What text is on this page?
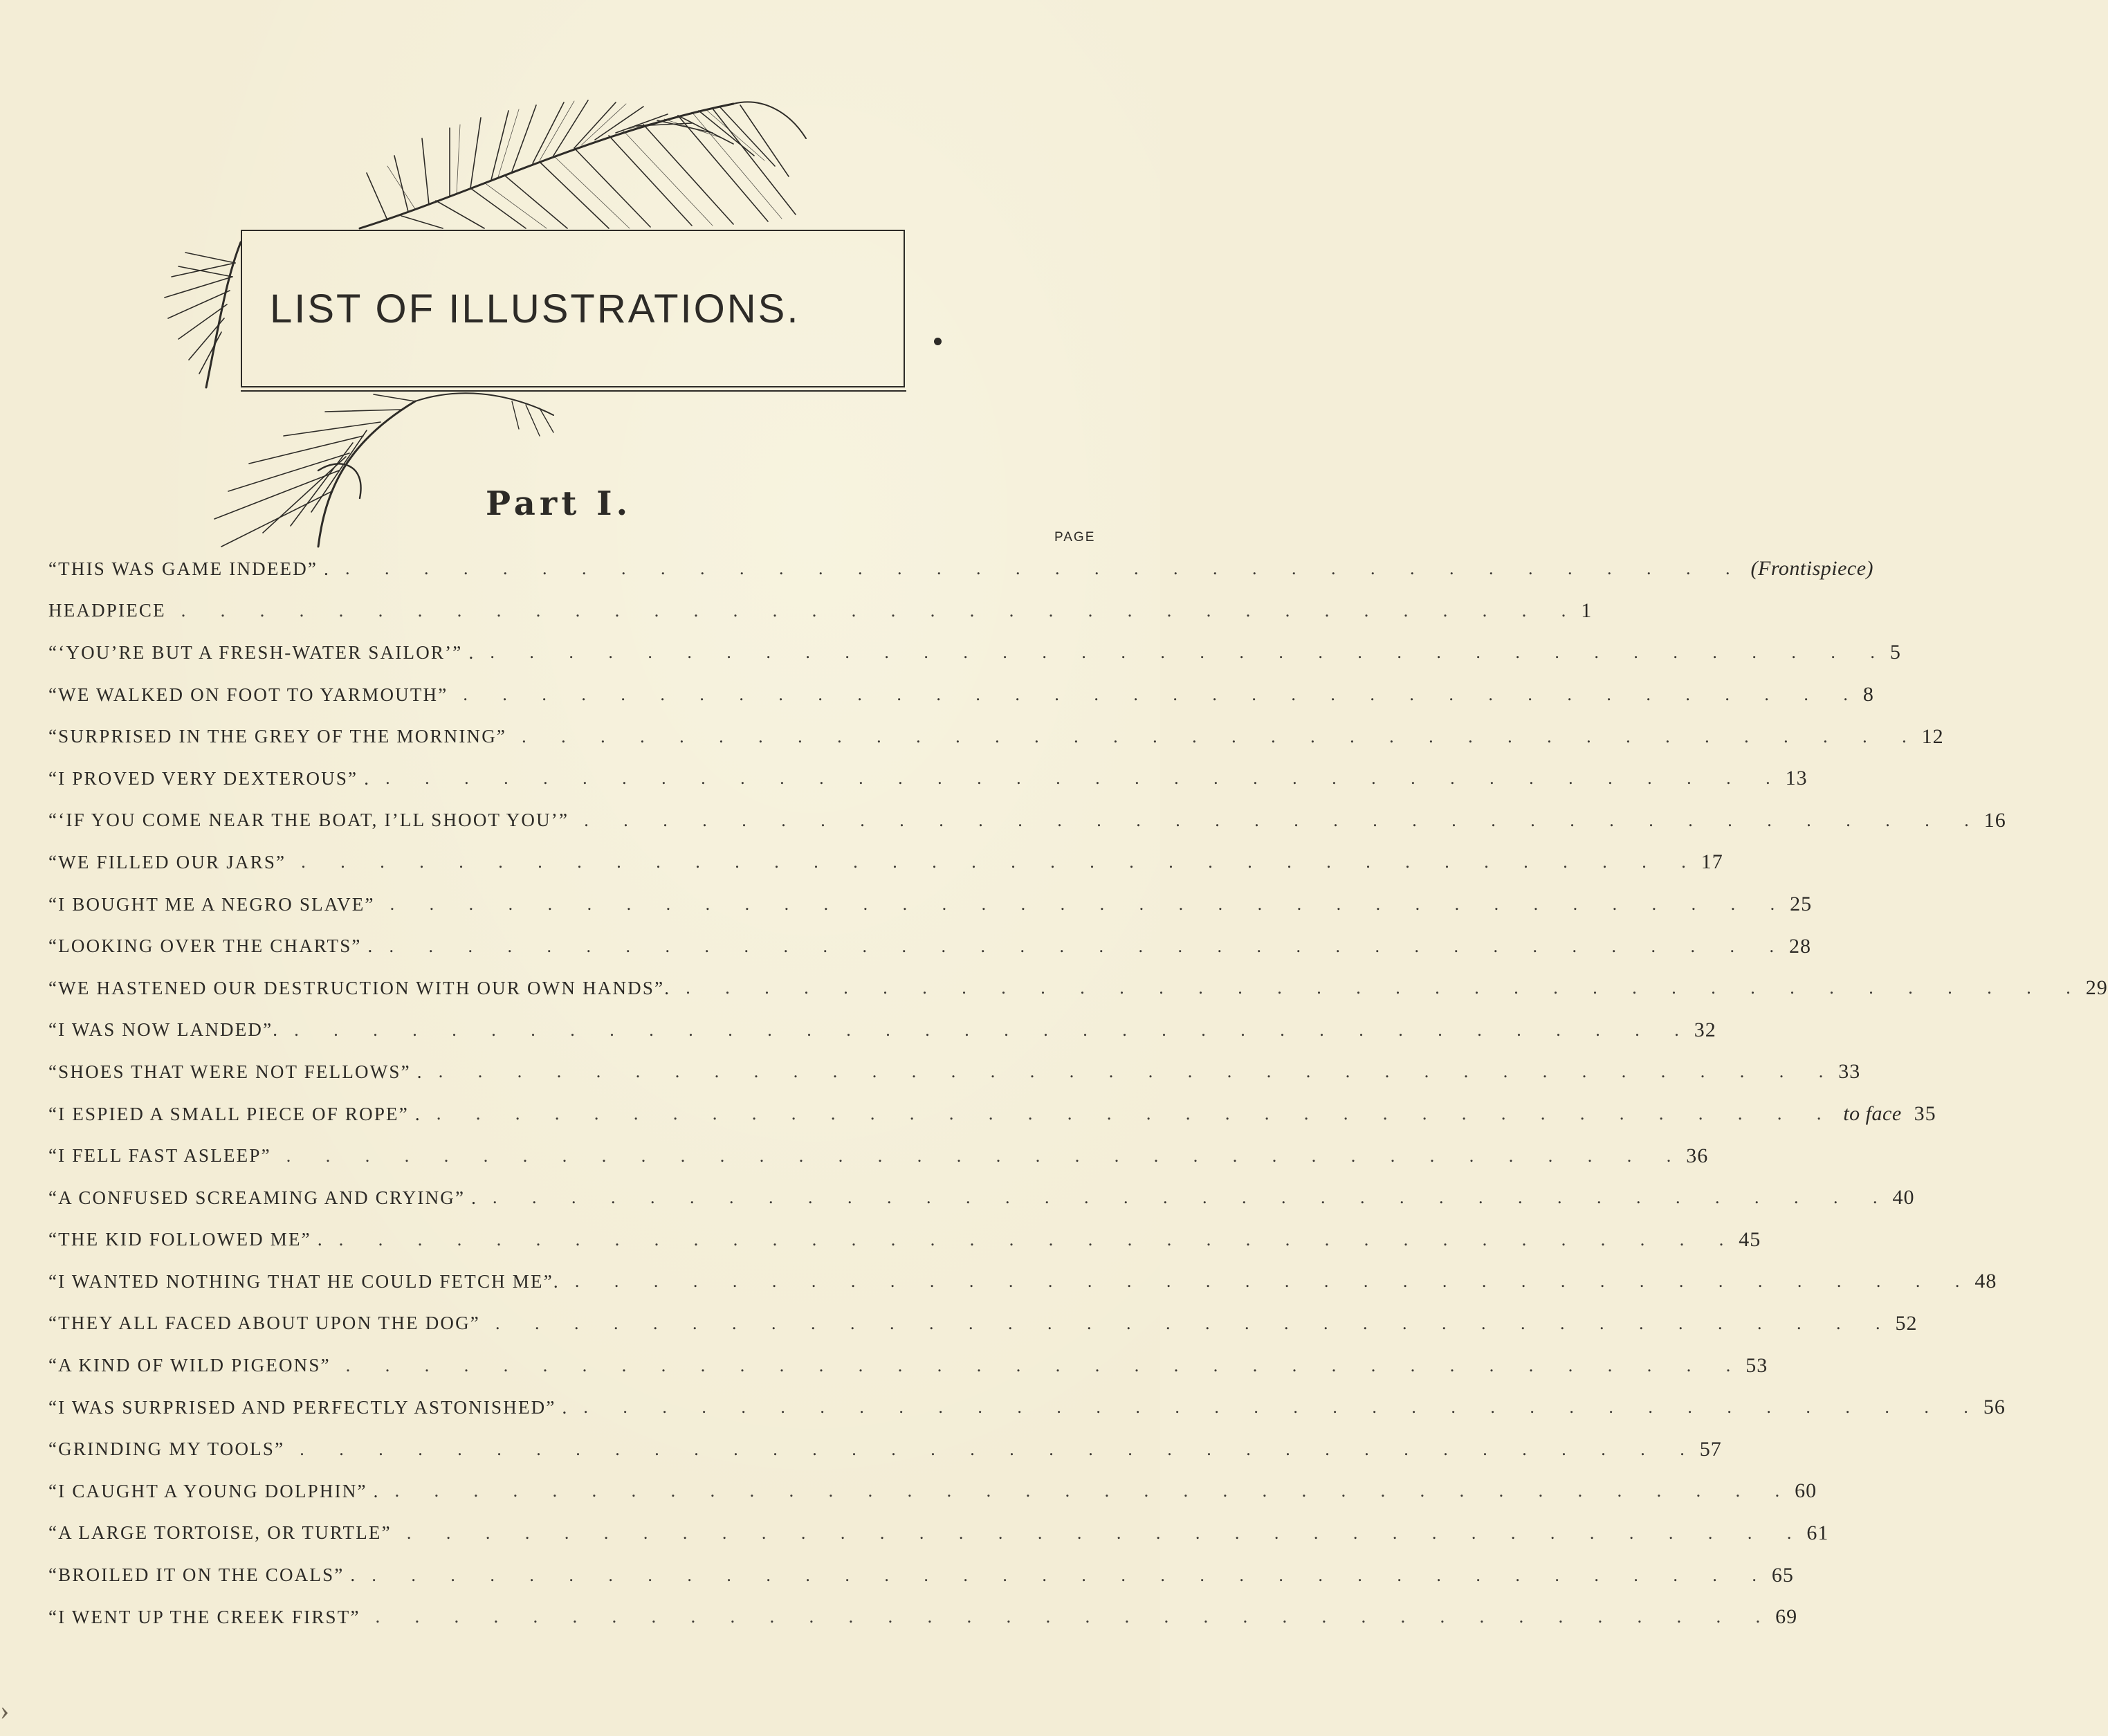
LIST OF ILLUSTRATIONS.
Part I.
PAGE
“THIS WAS GAME INDEED” . . . . . . . . . . . . . . . . . . . . . . . . . . . . . . . . . . . . . (Frontispiece)
HEADPIECE . . . . . . . . . . . . . . . . . . . . . . . . . . . . . . . . . . . . 1
“‘YOU’RE BUT A FRESH-WATER SAILOR’” . . . . . . . . . . . . . . . . . . . . . . . . . . . . . . . . . . . . . 5
“WE WALKED ON FOOT TO YARMOUTH” . . . . . . . . . . . . . . . . . . . . . . . . . . . . . . . . . . . . 8
“SURPRISED IN THE GREY OF THE MORNING” . . . . . . . . . . . . . . . . . . . . . . . . . . . . . . . . . . . . 12
“I PROVED VERY DEXTEROUS” . . . . . . . . . . . . . . . . . . . . . . . . . . . . . . . . . . . . . 13
“‘IF YOU COME NEAR THE BOAT, I’LL SHOOT YOU’” . . . . . . . . . . . . . . . . . . . . . . . . . . . . . . . . . . . . 16
“WE FILLED OUR JARS” . . . . . . . . . . . . . . . . . . . . . . . . . . . . . . . . . . . . 17
“I BOUGHT ME A NEGRO SLAVE” . . . . . . . . . . . . . . . . . . . . . . . . . . . . . . . . . . . . 25
“LOOKING OVER THE CHARTS” . . . . . . . . . . . . . . . . . . . . . . . . . . . . . . . . . . . . . 28
“WE HASTENED OUR DESTRUCTION WITH OUR OWN HANDS”. . . . . . . . . . . . . . . . . . . . . . . . . . . . . . . . . . . . . 29
“I WAS NOW LANDED”. . . . . . . . . . . . . . . . . . . . . . . . . . . . . . . . . . . . . 32
“SHOES THAT WERE NOT FELLOWS” . . . . . . . . . . . . . . . . . . . . . . . . . . . . . . . . . . . . . 33
“I ESPIED A SMALL PIECE OF ROPE” . . . . . . . . . . . . . . . . . . . . . . . . . . . . . . . . . . . . . to face 35
“I FELL FAST ASLEEP” . . . . . . . . . . . . . . . . . . . . . . . . . . . . . . . . . . . . 36
“A CONFUSED SCREAMING AND CRYING” . . . . . . . . . . . . . . . . . . . . . . . . . . . . . . . . . . . . . 40
“THE KID FOLLOWED ME” . . . . . . . . . . . . . . . . . . . . . . . . . . . . . . . . . . . . . 45
“I WANTED NOTHING THAT HE COULD FETCH ME”. . . . . . . . . . . . . . . . . . . . . . . . . . . . . . . . . . . . . 48
“THEY ALL FACED ABOUT UPON THE DOG” . . . . . . . . . . . . . . . . . . . . . . . . . . . . . . . . . . . . 52
“A KIND OF WILD PIGEONS” . . . . . . . . . . . . . . . . . . . . . . . . . . . . . . . . . . . . 53
“I WAS SURPRISED AND PERFECTLY ASTONISHED” . . . . . . . . . . . . . . . . . . . . . . . . . . . . . . . . . . . . . 56
“GRINDING MY TOOLS” . . . . . . . . . . . . . . . . . . . . . . . . . . . . . . . . . . . . 57
“I CAUGHT A YOUNG DOLPHIN” . . . . . . . . . . . . . . . . . . . . . . . . . . . . . . . . . . . . . 60
“A LARGE TORTOISE, OR TURTLE” . . . . . . . . . . . . . . . . . . . . . . . . . . . . . . . . . . . . 61
“BROILED IT ON THE COALS” . . . . . . . . . . . . . . . . . . . . . . . . . . . . . . . . . . . . . 65
“I WENT UP THE CREEK FIRST” . . . . . . . . . . . . . . . . . . . . . . . . . . . . . . . . . . . . 69
›
